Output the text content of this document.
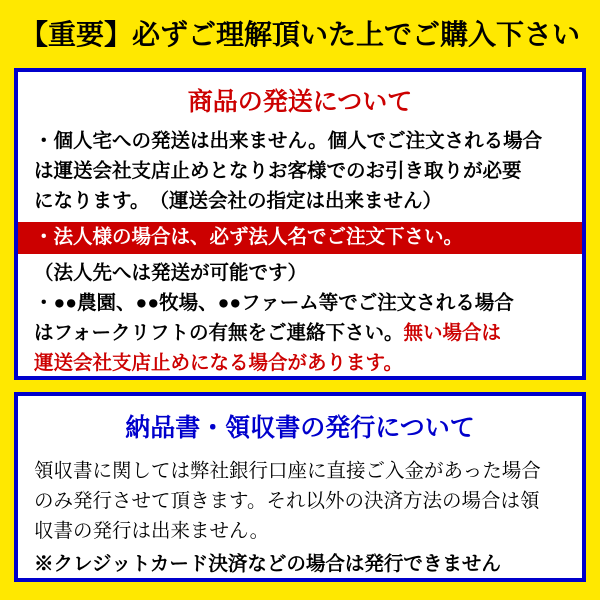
【重要】必ずご理解頂いた上でご購入下さい
商品の発送について
・個人宅への発送は出来ません。個人でご注文される場合
は運送会社支店止めとなりお客様でのお引き取りが必要
になります。　（運送会社の指定は出来ません）
・法人様の場合は、必ず法人名でご注文下さい。
（法人先へは発送が可能です）
・●●農園、●●牧場、●●ファーム等でご注文される場合
はフォークリフトの有無をご連絡下さい。無い場合は
運送会社支店止めになる場合があります。
納品書・領収書の発行について
領収書に関しては弊社銀行口座に直接ご入金があった場合
のみ発行させて頂きます。それ以外の決済方法の場合は領
収書の発行は出来ません。
※クレジットカード決済などの場合は発行できません
